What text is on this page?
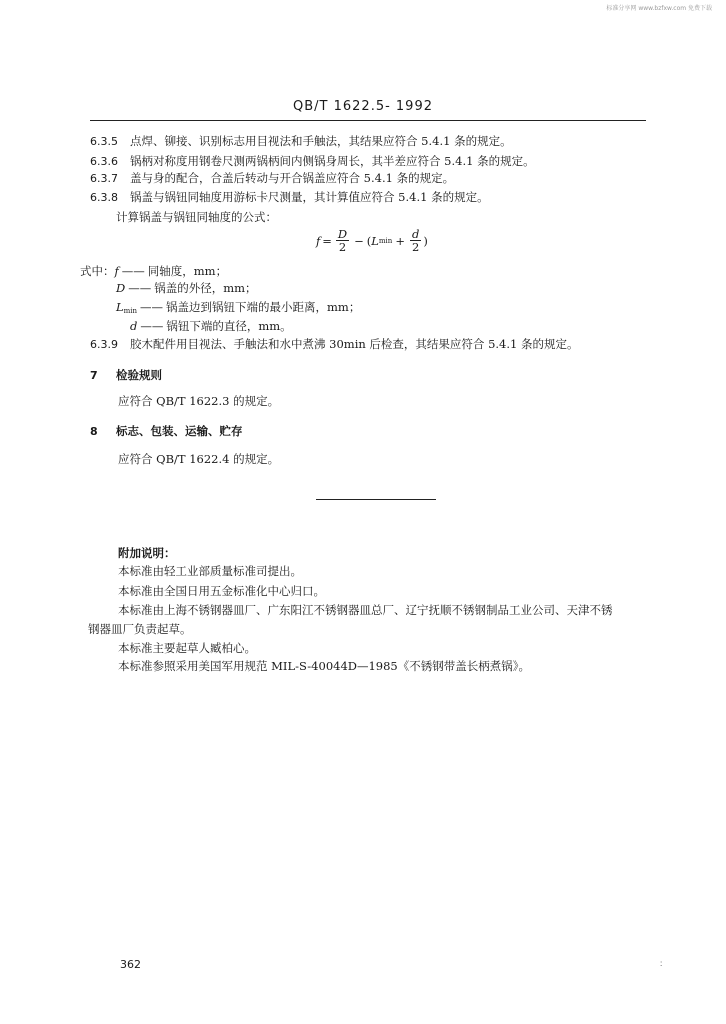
标准分享网 www.bzfxw.com 免费下载
QB/T 1622.5- 1992
6.3.5 点焊、铆接、识别标志用目视法和手触法，其结果应符合 5.4.1 条的规定。
6.3.6 锅柄对称度用钢卷尺测两锅柄间内侧锅身周长，其半差应符合 5.4.1 条的规定。
6.3.7 盖与身的配合，合盖后转动与开合锅盖应符合 5.4.1 条的规定。
6.3.8 锅盖与锅钮同轴度用游标卡尺测量，其计算值应符合 5.4.1 条的规定。
计算锅盖与锅钮同轴度的公式：
$f = \frac{D}{2}$ − ( L $\min + \frac{d}{2}$ )
式中：f —— 同轴度，mm；
D —— 锅盖的外径，mm；
$L_{min}$ —— 锅盖边到锅钮下端的最小距离，mm；
d —— 锅钮下端的直径，mm。
6.3.9 胶木配件用目视法、手触法和水中煮沸 30min 后检查，其结果应符合 5.4.1 条的规定。
7 检验规则
应符合 QB/T 1622.3 的规定。
8 标志、包装、运输、贮存
应符合 QB/T 1622.4 的规定。
附加说明：
本标准由轻工业部质量标准司提出。
本标准由全国日用五金标准化中心归口。
本标准由上海不锈钢器皿厂、广东阳江不锈钢器皿总厂、辽宁抚顺不锈钢制品工业公司、天津不锈
钢器皿厂负责起草。
本标准主要起草人臧柏心。
本标准参照采用美国军用规范 MIL-S-40044D—1985《不锈钢带盖长柄煮锅》。
362	∶
